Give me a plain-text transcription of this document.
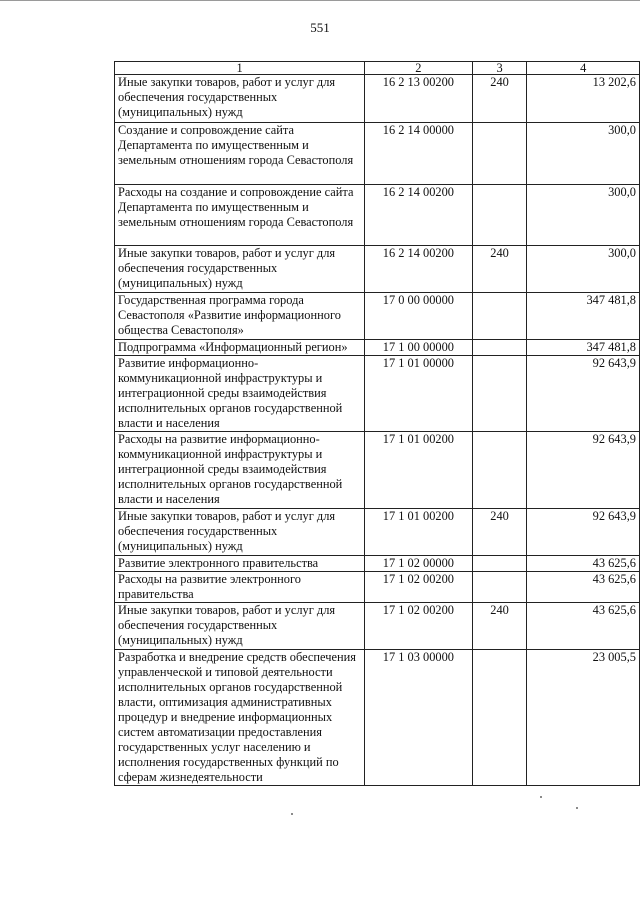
551
1	2	3	4
Иные закупки товаров, работ и услуг для обеспечения государственных (муниципальных) нужд	16 2 13 00200	240	13 202,6
Создание и сопровождение сайта Департамента по имущественным и земельным отношениям города Севастополя	16 2 14 00000		300,0
Расходы на создание и сопровождение сайта Департамента по имущественным и земельным отношениям города Севастополя	16 2 14 00200		300,0
Иные закупки товаров, работ и услуг для обеспечения государственных (муниципальных) нужд	16 2 14 00200	240	300,0
Государственная программа города Севастополя «Развитие информационного общества Севастополя»	17 0 00 00000		347 481,8
Подпрограмма «Информационный регион»	17 1 00 00000		347 481,8
Развитие информационно-коммуникационной инфраструктуры и интеграционной среды взаимодействия исполнительных органов государственной власти и населения	17 1 01 00000		92 643,9
Расходы на развитие информационно-коммуникационной инфраструктуры и интеграционной среды взаимодействия исполнительных органов государственной власти и населения	17 1 01 00200		92 643,9
Иные закупки товаров, работ и услуг для обеспечения государственных (муниципальных) нужд	17 1 01 00200	240	92 643,9
Развитие электронного правительства	17 1 02 00000		43 625,6
Расходы на развитие электронного правительства	17 1 02 00200		43 625,6
Иные закупки товаров, работ и услуг для обеспечения государственных (муниципальных) нужд	17 1 02 00200	240	43 625,6
Разработка и внедрение средств обеспечения управленческой и типовой деятельности исполнительных органов государственной власти, оптимизация административных процедур и внедрение информационных систем автоматизации предоставления государственных услуг населению и исполнения государственных функций по сферам жизнедеятельности	17 1 03 00000		23 005,5
